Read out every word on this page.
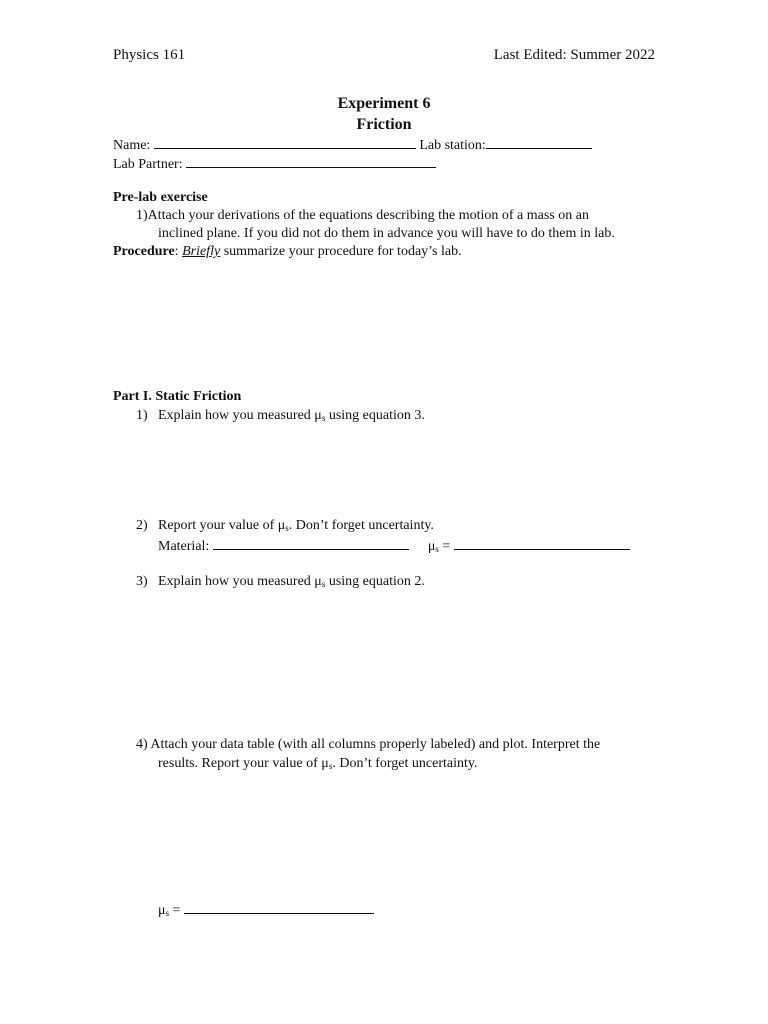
Physics 161	Last Edited: Summer 2022
Experiment 6
Friction
Name:	Lab station:
Lab Partner:
Pre-lab exercise
1)Attach your derivations of the equations describing the motion of a mass on an
inclined plane. If you did not do them in advance you will have to do them in lab.
Procedure: Briefly summarize your procedure for today’s lab.
Part I. Static Friction
1) Explain how you measured μs using equation 3.
2) Report your value of μs. Don’t forget uncertainty.
Material:	μs =
3) Explain how you measured μs using equation 2.
4) Attach your data table (with all columns properly labeled) and plot. Interpret the
results. Report your value of μs. Don’t forget uncertainty.
μs =
